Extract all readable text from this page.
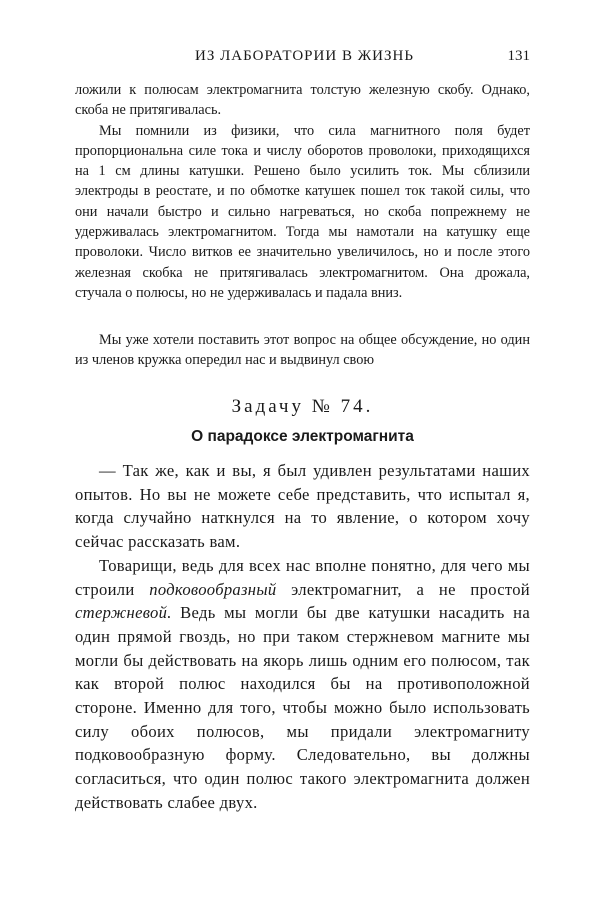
ИЗ ЛАБОРАТОРИИ В ЖИЗНЬ	131

ложили к полюсам электромагнита толстую железную скобу. Однако, скоба не притягивалась.

Мы помнили из физики, что сила магнитного поля будет пропорциональна силе тока и числу оборотов проволоки, приходящихся на 1 см длины катушки. Решено было усилить ток. Мы сблизили электроды в реостате, и по обмотке катушек пошел ток такой силы, что они начали быстро и сильно нагреваться, но скоба попрежнему не удерживалась электромагнитом. Тогда мы намотали на катушку еще проволоки. Число витков ее значительно увеличилось, но и после этого железная скобка не притягивалась электромагнитом. Она дрожала, стучала о полюсы, но не удерживалась и падала вниз.

Мы уже хотели поставить этот вопрос на общее обсуждение, но один из членов кружка опередил нас и выдвинул свою

Задачу № 74.
О парадоксе электромагнита

— Так же, как и вы, я был удивлен результатами наших опытов. Но вы не можете себе представить, что испытал я, когда случайно наткнулся на то явление, о котором хочу сейчас рассказать вам.

Товарищи, ведь для всех нас вполне понятно, для чего мы строили подковообразный электромагнит, а не простой стержневой. Ведь мы могли бы две катушки насадить на один прямой гвоздь, но при таком стержневом магните мы могли бы действовать на якорь лишь одним его полюсом, так как второй полюс находился бы на противоположной стороне. Именно для того, чтобы можно было использовать силу обоих полюсов, мы придали электромагниту подковообразную форму. Следовательно, вы должны согласиться, что один полюс такого электромагнита должен действовать слабее двух.
